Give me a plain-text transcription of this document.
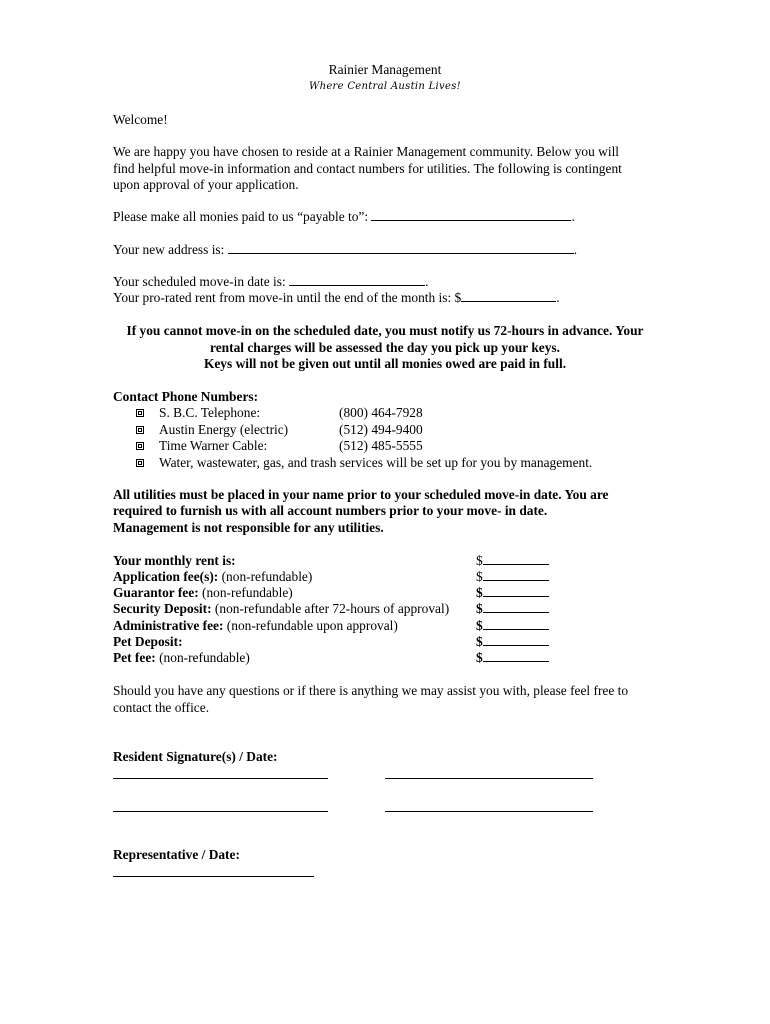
Rainier Management
Where Central Austin Lives!
Welcome!
We are happy you have chosen to reside at a Rainier Management community. Below you will
find helpful move-in information and contact numbers for utilities. The following is contingent
upon approval of your application.
Please make all monies paid to us “payable to”:	.
Your new address is:	.
Your scheduled move-in date is:	.
Your pro-rated rent from move-in until the end of the month is: $	.
If you cannot move-in on the scheduled date, you must notify us 72-hours in advance. Your
rental charges will be assessed the day you pick up your keys.
Keys will not be given out until all monies owed are paid in full.
Contact Phone Numbers:
S. B.C. Telephone:	(800) 464-7928
Austin Energy (electric)	(512) 494-9400
Time Warner Cable:	(512) 485-5555
Water, wastewater, gas, and trash services will be set up for you by management.
All utilities must be placed in your name prior to your scheduled move-in date. You are
required to furnish us with all account numbers prior to your move- in date.
Management is not responsible for any utilities.
Your monthly rent is:	$
Application fee(s): (non-refundable)	$
Guarantor fee: (non-refundable)	$
Security Deposit: (non-refundable after 72-hours of approval) $
Administrative fee: (non-refundable upon approval)	$
Pet Deposit:	$
Pet fee: (non-refundable)	$
Should you have any questions or if there is anything we may assist you with, please feel free to
contact the office.
Resident Signature(s) / Date:
Representative / Date:
